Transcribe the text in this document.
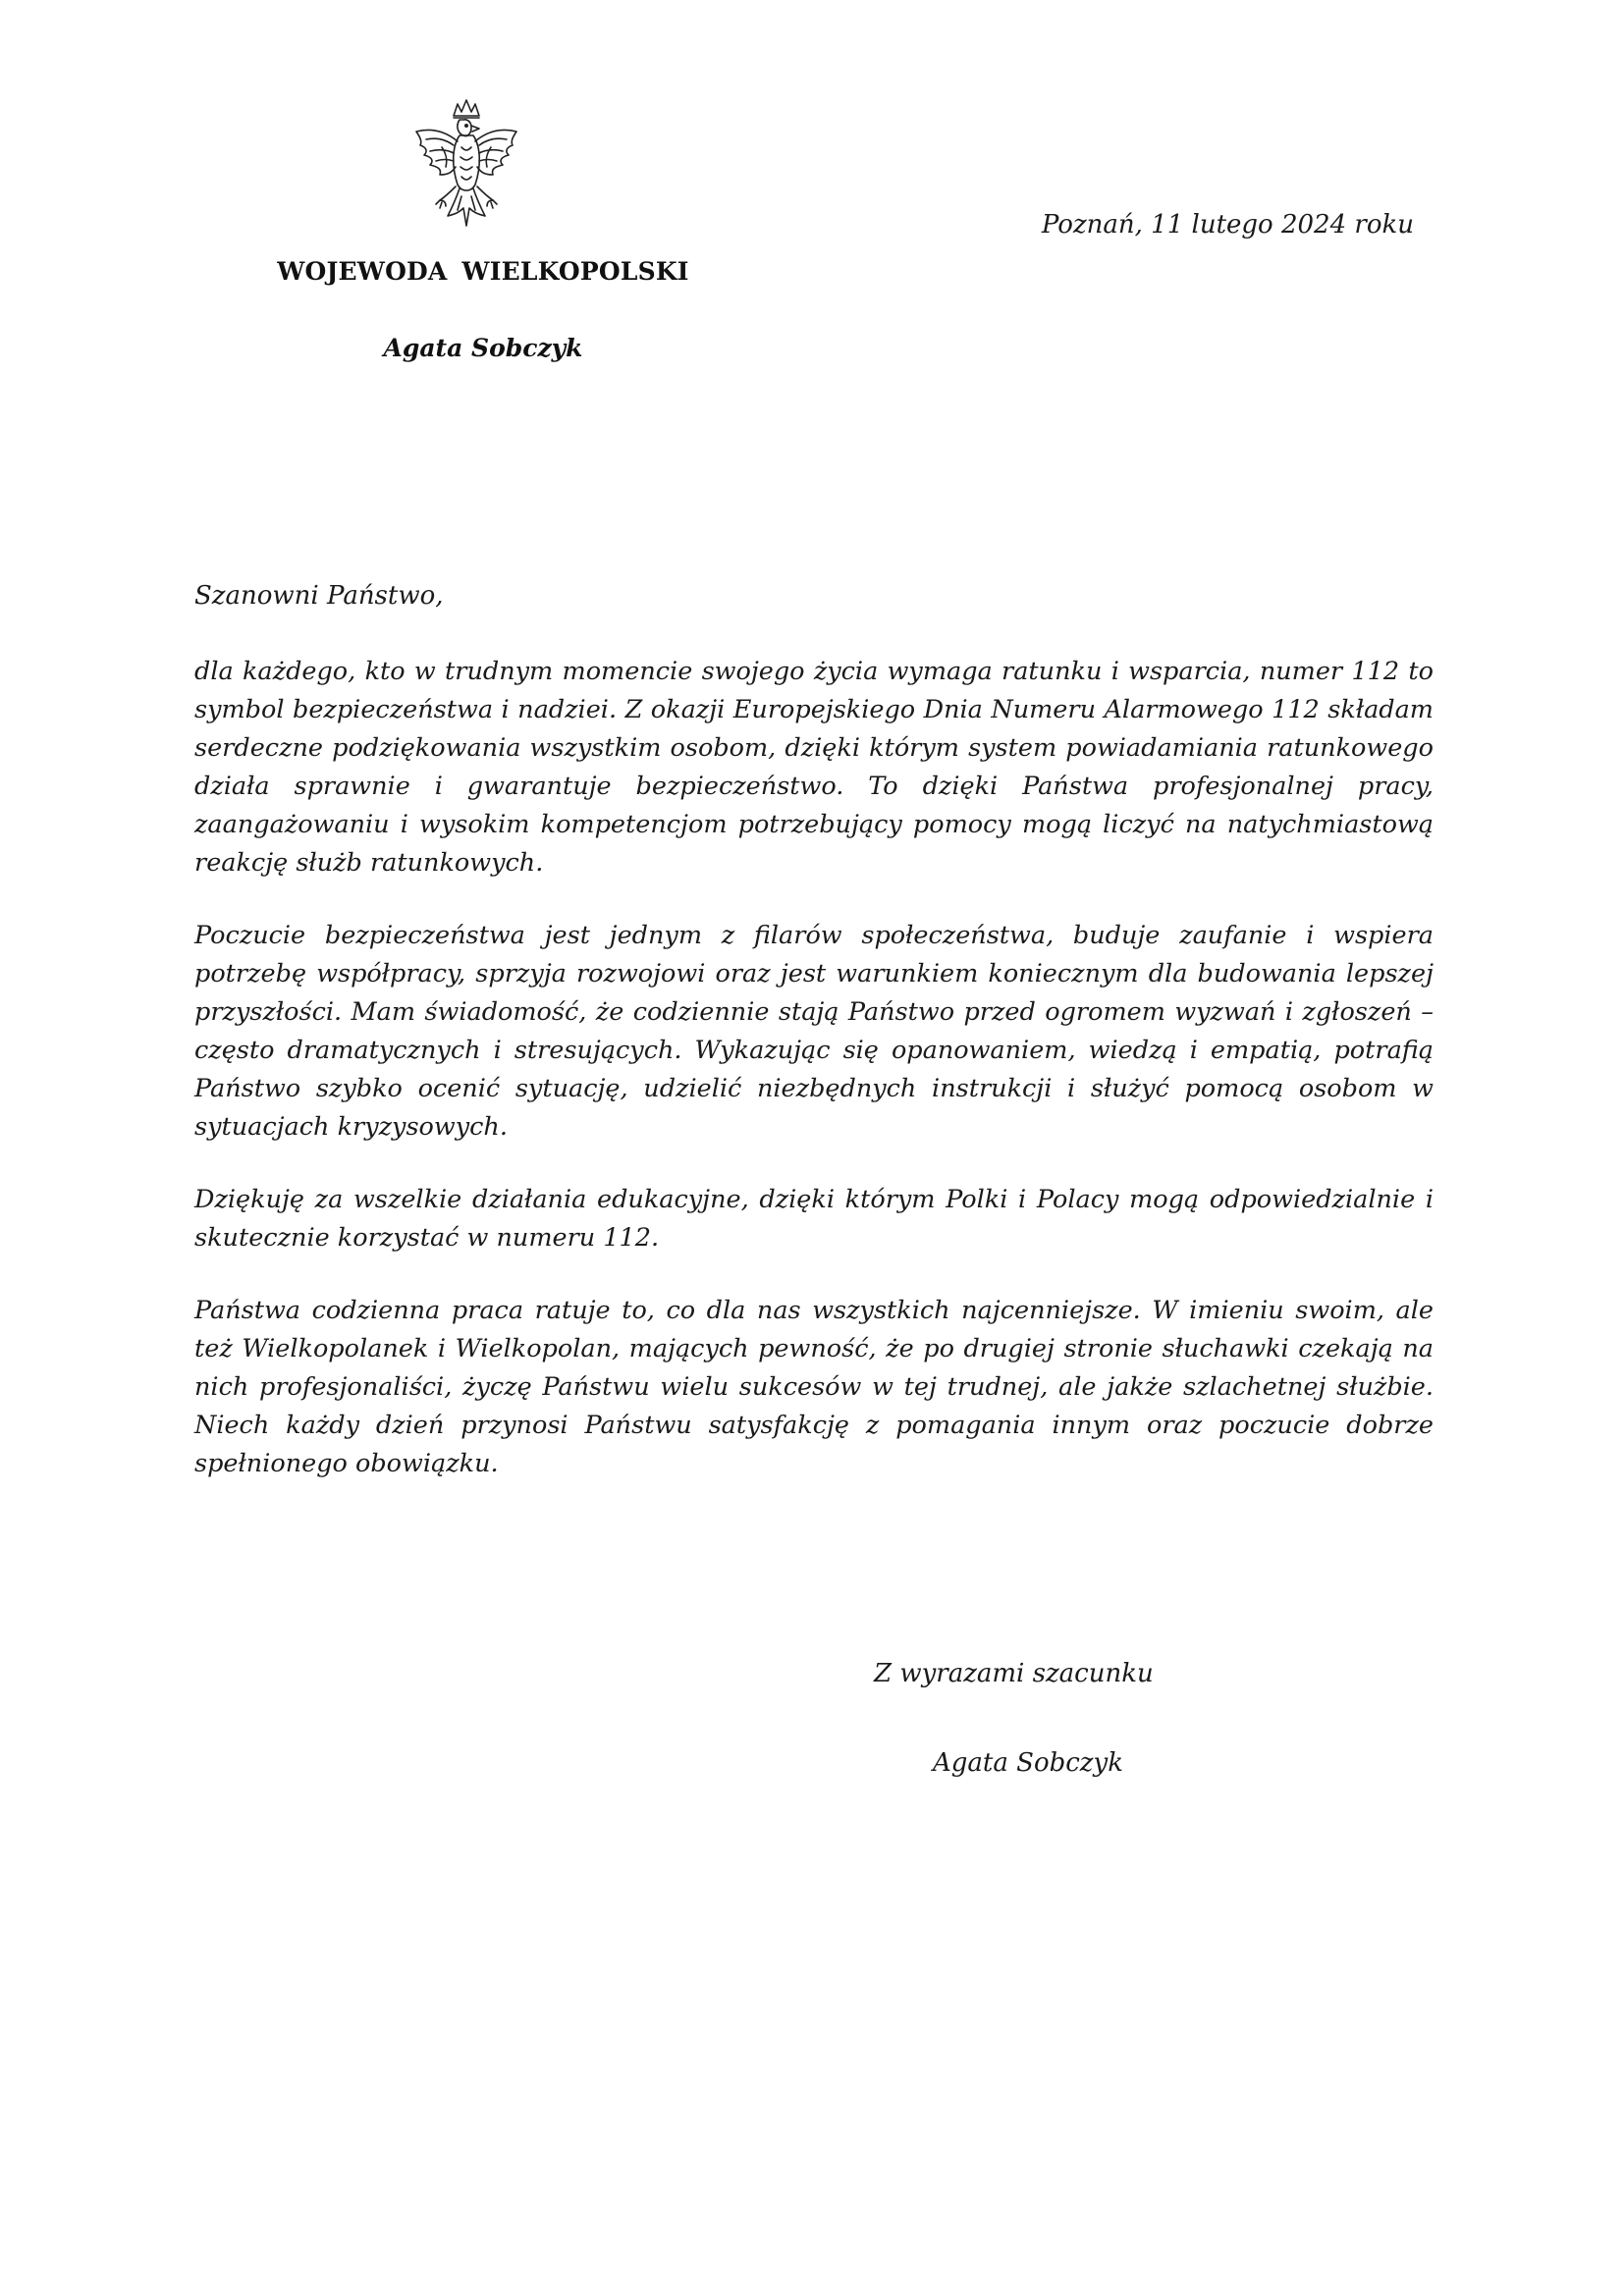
WOJEWODA WIELKOPOLSKI
Agata Sobczyk
Poznań, 11 lutego 2024 roku
Szanowni Państwo,

dla każdego, kto w trudnym momencie swojego życia wymaga ratunku i wsparcia, numer 112 to symbol bezpieczeństwa i nadziei. Z okazji Europejskiego Dnia Numeru Alarmowego 112 składam serdeczne podziękowania wszystkim osobom, dzięki którym system powiadamiania ratunkowego działa sprawnie i gwarantuje bezpieczeństwo. To dzięki Państwa profesjonalnej pracy, zaangażowaniu i wysokim kompetencjom potrzebujący pomocy mogą liczyć na natychmiastową reakcję służb ratunkowych.

Poczucie bezpieczeństwa jest jednym z filarów społeczeństwa, buduje zaufanie i wspiera potrzebę współpracy, sprzyja rozwojowi oraz jest warunkiem koniecznym dla budowania lepszej przyszłości. Mam świadomość, że codziennie stają Państwo przed ogromem wyzwań i zgłoszeń – często dramatycznych i stresujących. Wykazując się opanowaniem, wiedzą i empatią, potrafią Państwo szybko ocenić sytuację, udzielić niezbędnych instrukcji i służyć pomocą osobom w sytuacjach kryzysowych.

Dziękuję za wszelkie działania edukacyjne, dzięki którym Polki i Polacy mogą odpowiedzialnie i skutecznie korzystać w numeru 112.

Państwa codzienna praca ratuje to, co dla nas wszystkich najcenniejsze. W imieniu swoim, ale też Wielkopolanek i Wielkopolan, mających pewność, że po drugiej stronie słuchawki czekają na nich profesjonaliści, życzę Państwu wielu sukcesów w tej trudnej, ale jakże szlachetnej służbie. Niech każdy dzień przynosi Państwu satysfakcję z pomagania innym oraz poczucie dobrze spełnionego obowiązku.

Z wyrazami szacunku
Agata Sobczyk
